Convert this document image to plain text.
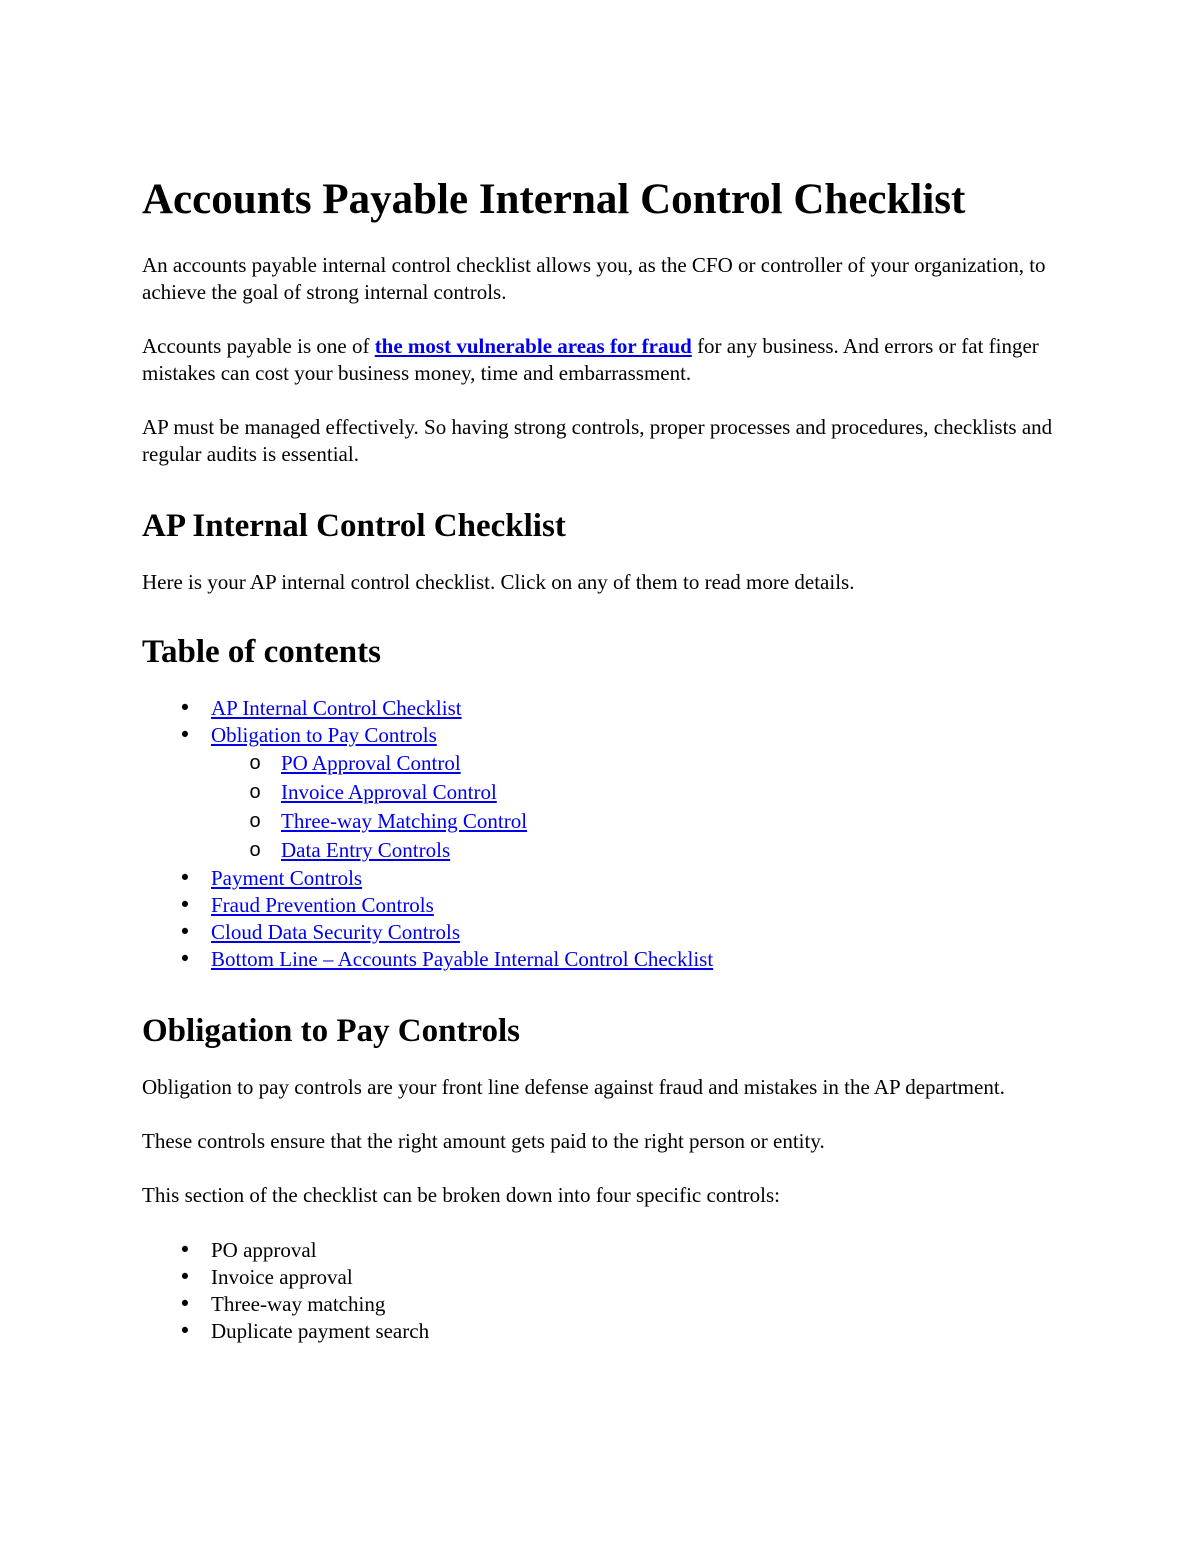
Accounts Payable Internal Control Checklist

An accounts payable internal control checklist allows you, as the CFO or controller of your organization, to achieve the goal of strong internal controls.

Accounts payable is one of the most vulnerable areas for fraud for any business. And errors or fat finger mistakes can cost your business money, time and embarrassment.

AP must be managed effectively. So having strong controls, proper processes and procedures, checklists and regular audits is essential.

AP Internal Control Checklist

Here is your AP internal control checklist. Click on any of them to read more details.

Table of contents
• AP Internal Control Checklist
• Obligation to Pay Controls
o PO Approval Control
o Invoice Approval Control
o Three-way Matching Control
o Data Entry Controls
• Payment Controls
• Fraud Prevention Controls
• Cloud Data Security Controls
• Bottom Line – Accounts Payable Internal Control Checklist
Obligation to Pay Controls

Obligation to pay controls are your front line defense against fraud and mistakes in the AP department.

These controls ensure that the right amount gets paid to the right person or entity.

This section of the checklist can be broken down into four specific controls:

• PO approval
• Invoice approval
• Three-way matching
• Duplicate payment search
